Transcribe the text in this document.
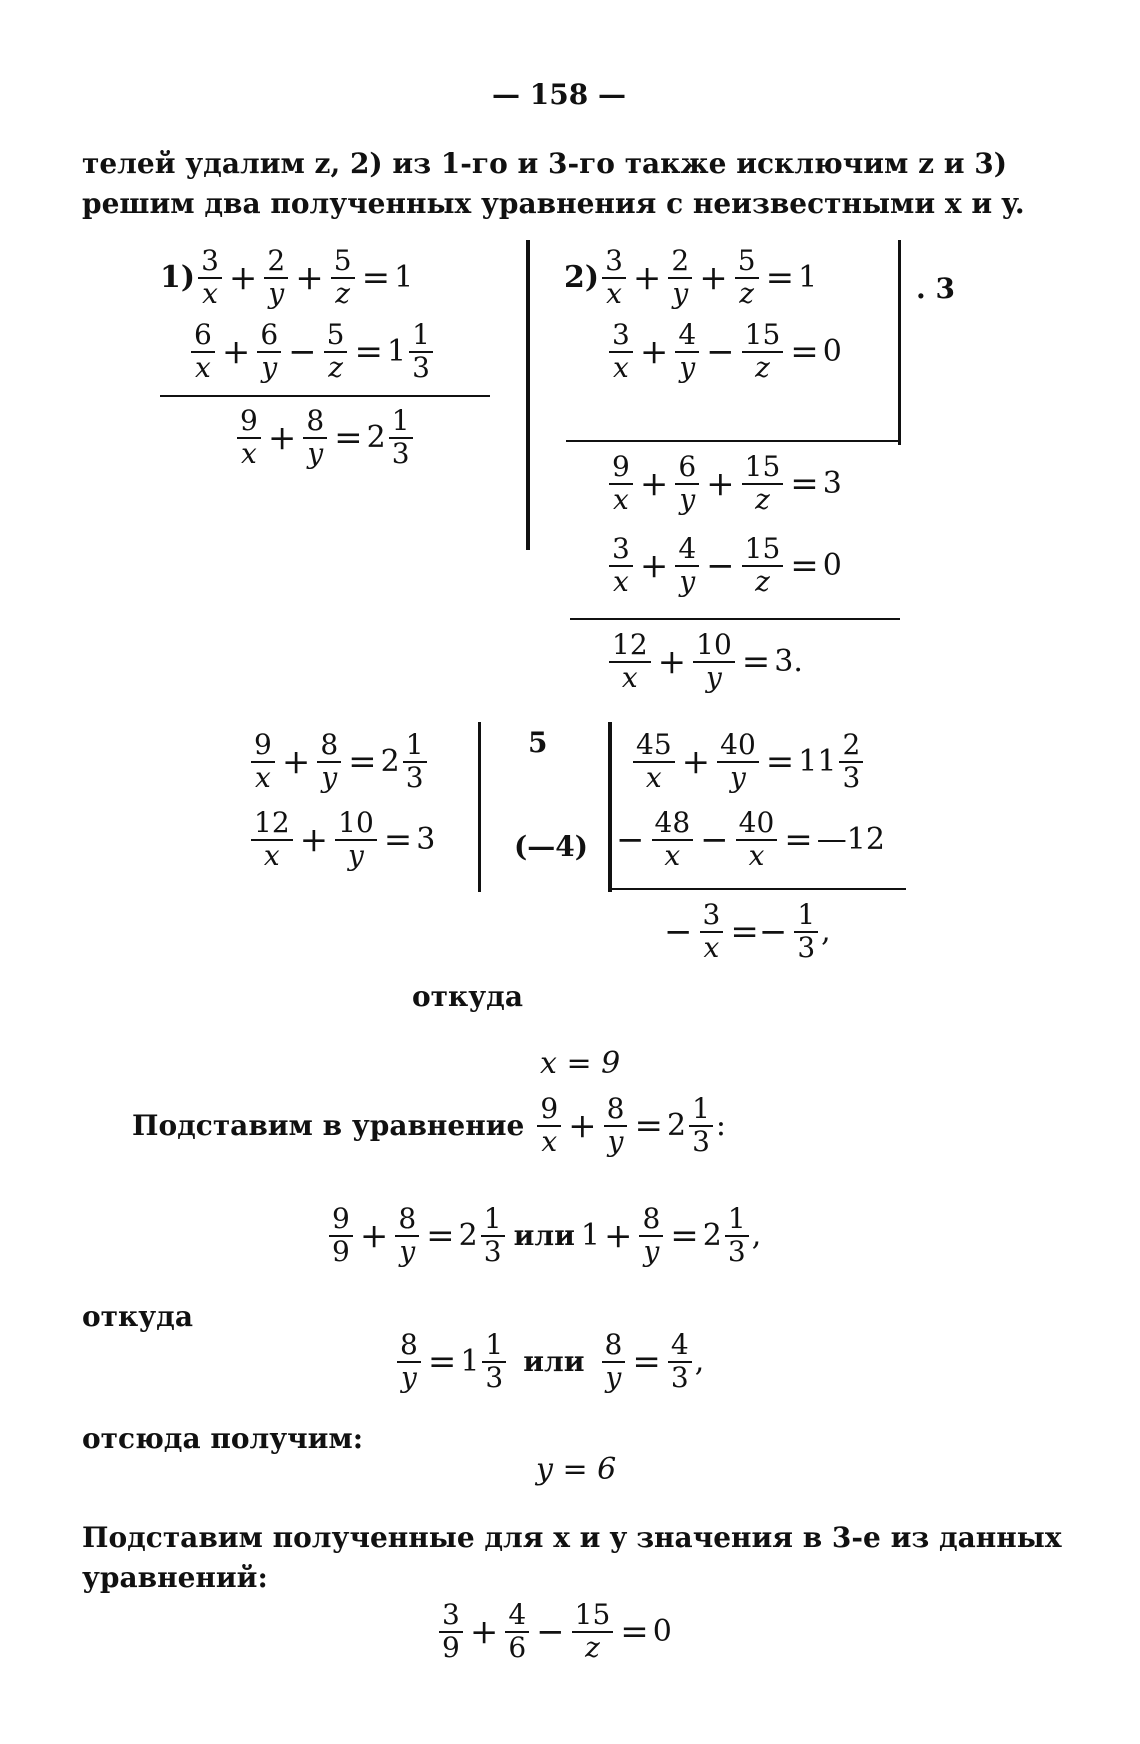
— 158 —
телей удалим z, 2) из 1-го и 3-го также исключим z и 3) решим два полученных уравнения с неизвестными x и y.
$1) \frac{3}{x} + \frac{2}{y} + \frac{5}{z} = 1$
$\frac{6}{x} + \frac{6}{y} - \frac{5}{z} = 1 \frac{1}{3}$
$\frac{9}{x} + \frac{8}{y} = 2 \frac{1}{3}$
$2) \frac{3}{x} + \frac{2}{y} + \frac{5}{z} = 1$
$\frac{3}{x} + \frac{4}{y} - \frac{15}{z} = 0$
. 3
$\frac{9}{x} + \frac{6}{y} + \frac{15}{z} = 3$
$\frac{3}{x} + \frac{4}{y} - \frac{15}{z} = 0$
$\frac{12}{x} + \frac{10}{y} = 3$.
$\frac{9}{x} + \frac{8}{y} = 2 \frac{1}{3}$
$\frac{12}{x} + \frac{10}{y} = 3$
5
(—4)
$\frac{45}{x} + \frac{40}{y} = 11 \frac{2}{3}$
− $\frac{48}{x} - \frac{40}{x}$ = —12
− $\frac{3}{x} =- \frac{1}{3}$ ,
откуда
x = 9
Подставим в уравнение $\frac{9}{x} + \frac{8}{y} = 2 \frac{1}{3}$ :
$\frac{9}{9} + \frac{8}{y} = 2 \frac{1}{3}$ или $1 + \frac{8}{y} = 2 \frac{1}{3}$ ,
откуда
$\frac{8}{y} = 1 \frac{1}{3}$ или $\frac{8}{y} = \frac{4}{3}$ ,
отсюда получим:
y = 6
Подставим полученные для x и y значения в 3-е из данных уравнений:
$\frac{3}{9} + \frac{4}{6} - \frac{15}{z} = 0$
